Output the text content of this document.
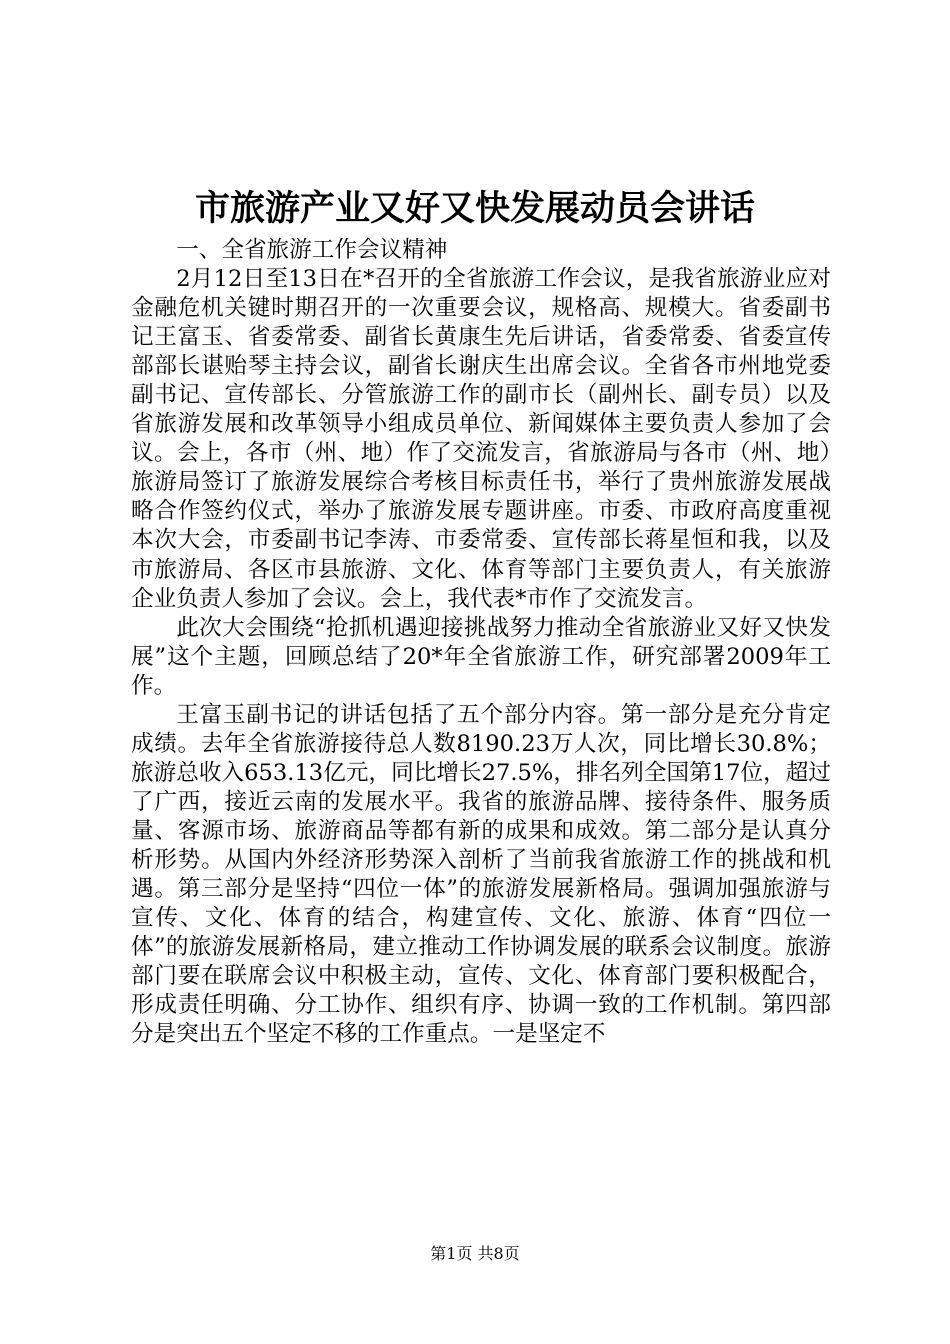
市旅游产业又好又快发展动员会讲话

一、全省旅游工作会议精神

2月12日至13日在*召开的全省旅游工作会议，是我省旅游业应对金融危机关键时期召开的一次重要会议，规格高、规模大。省委副书记王富玉、省委常委、副省长黄康生先后讲话，省委常委、省委宣传部部长谌贻琴主持会议，副省长谢庆生出席会议。全省各市州地党委副书记、宣传部长、分管旅游工作的副市长（副州长、副专员）以及省旅游发展和改革领导小组成员单位、新闻媒体主要负责人参加了会议。会上，各市（州、地）作了交流发言，省旅游局与各市（州、地）旅游局签订了旅游发展综合考核目标责任书，举行了贵州旅游发展战略合作签约仪式，举办了旅游发展专题讲座。市委、市政府高度重视本次大会，市委副书记李涛、市委常委、宣传部长蒋星恒和我，以及市旅游局、各区市县旅游、文化、体育等部门主要负责人，有关旅游企业负责人参加了会议。会上，我代表*市作了交流发言。

此次大会围绕“抢抓机遇迎接挑战努力推动全省旅游业又好又快发展”这个主题，回顾总结了20*年全省旅游工作，研究部署2009年工作。

王富玉副书记的讲话包括了五个部分内容。第一部分是充分肯定成绩。去年全省旅游接待总人数8190.23万人次，同比增长30.8%；旅游总收入653.13亿元，同比增长27.5%，排名列全国第17位，超过了广西，接近云南的发展水平。我省的旅游品牌、接待条件、服务质量、客源市场、旅游商品等都有新的成果和成效。第二部分是认真分析形势。从国内外经济形势深入剖析了当前我省旅游工作的挑战和机遇。第三部分是坚持“四位一体”的旅游发展新格局。强调加强旅游与宣传、文化、体育的结合，构建宣传、文化、旅游、体育“四位一体”的旅游发展新格局，建立推动工作协调发展的联系会议制度。旅游部门要在联席会议中积极主动，宣传、文化、体育部门要积极配合，形成责任明确、分工协作、组织有序、协调一致的工作机制。第四部分是突出五个坚定不移的工作重点。一是坚定不

第1页 共8页
